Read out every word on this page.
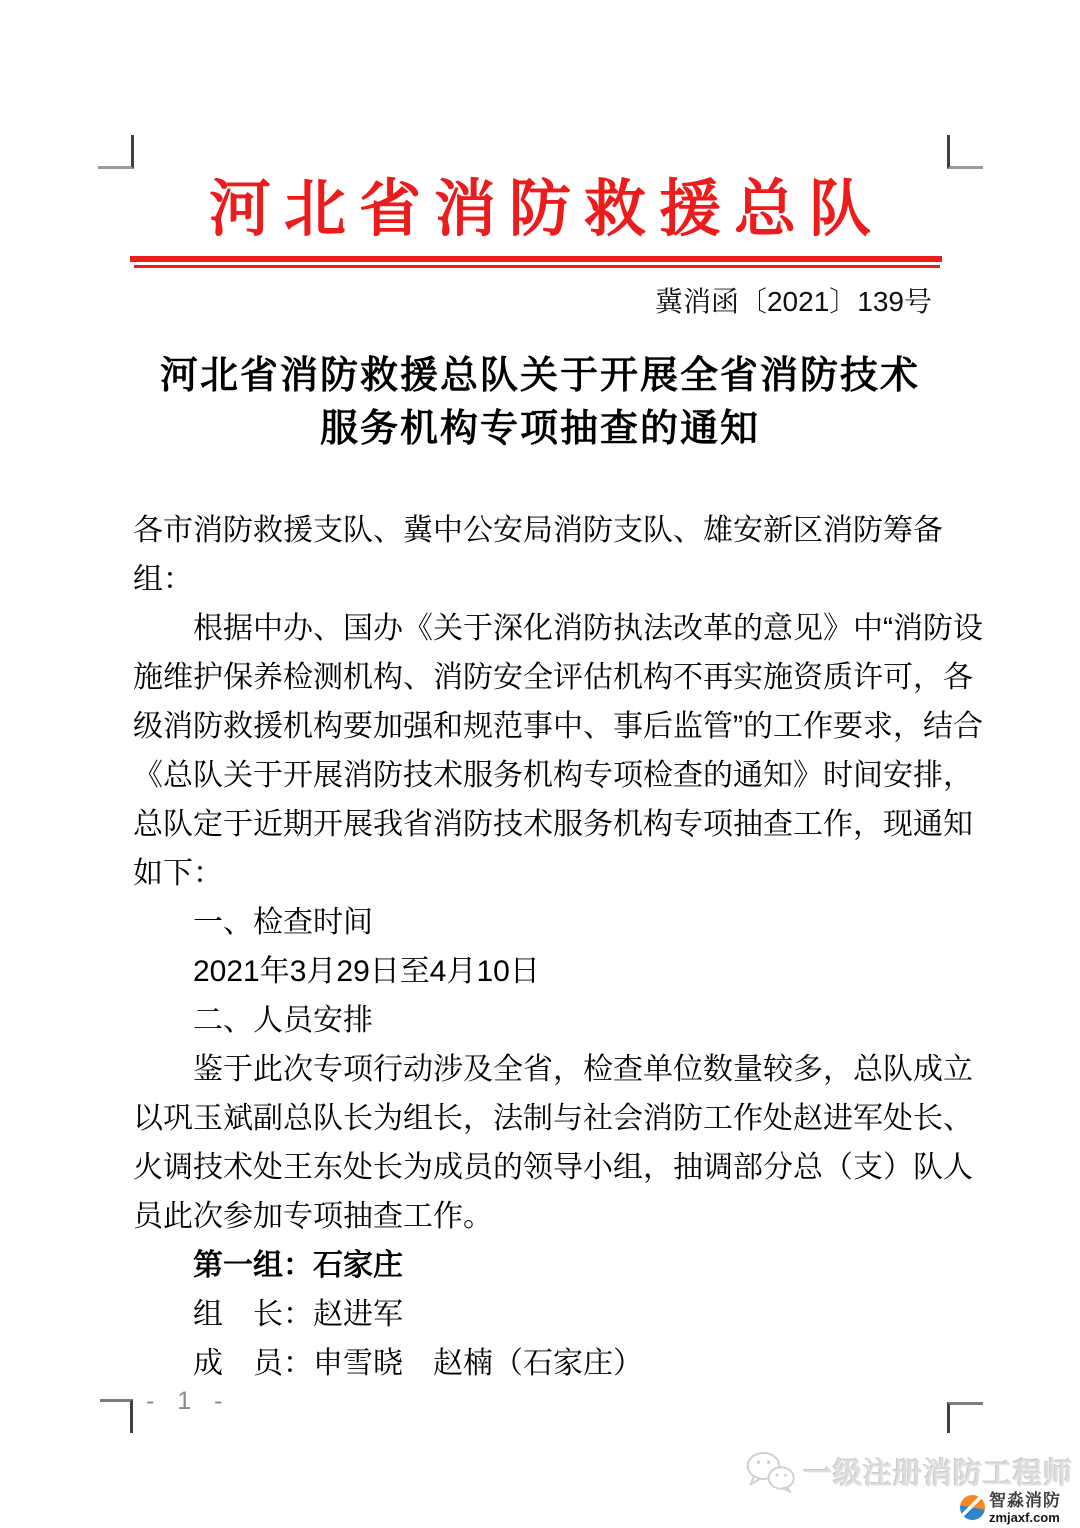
河北省消防救援总队
冀消函〔2021〕139号
河北省消防救援总队关于开展全省消防技术
服务机构专项抽查的通知
各市消防救援支队、冀中公安局消防支队、雄安新区消防筹备
组：
根据中办、国办《关于深化消防执法改革的意见》中“消防设
施维护保养检测机构、消防安全评估机构不再实施资质许可，各
级消防救援机构要加强和规范事中、事后监管”的工作要求，结合
《总队关于开展消防技术服务机构专项检查的通知》时间安排，
总队定于近期开展我省消防技术服务机构专项抽查工作，现通知
如下：
一、检查时间
2021年3月29日至4月10日
二、人员安排
鉴于此次专项行动涉及全省，检查单位数量较多，总队成立
以巩玉斌副总队长为组长，法制与社会消防工作处赵进军处长、
火调技术处王东处长为成员的领导小组，抽调部分总（支）队人
员此次参加专项抽查工作。
第一组：石家庄
组　长：赵进军
成　员：申雪晓　赵楠（石家庄）
- 1 -
一级注册消防工程师
智淼消防
zmjaxf.com
